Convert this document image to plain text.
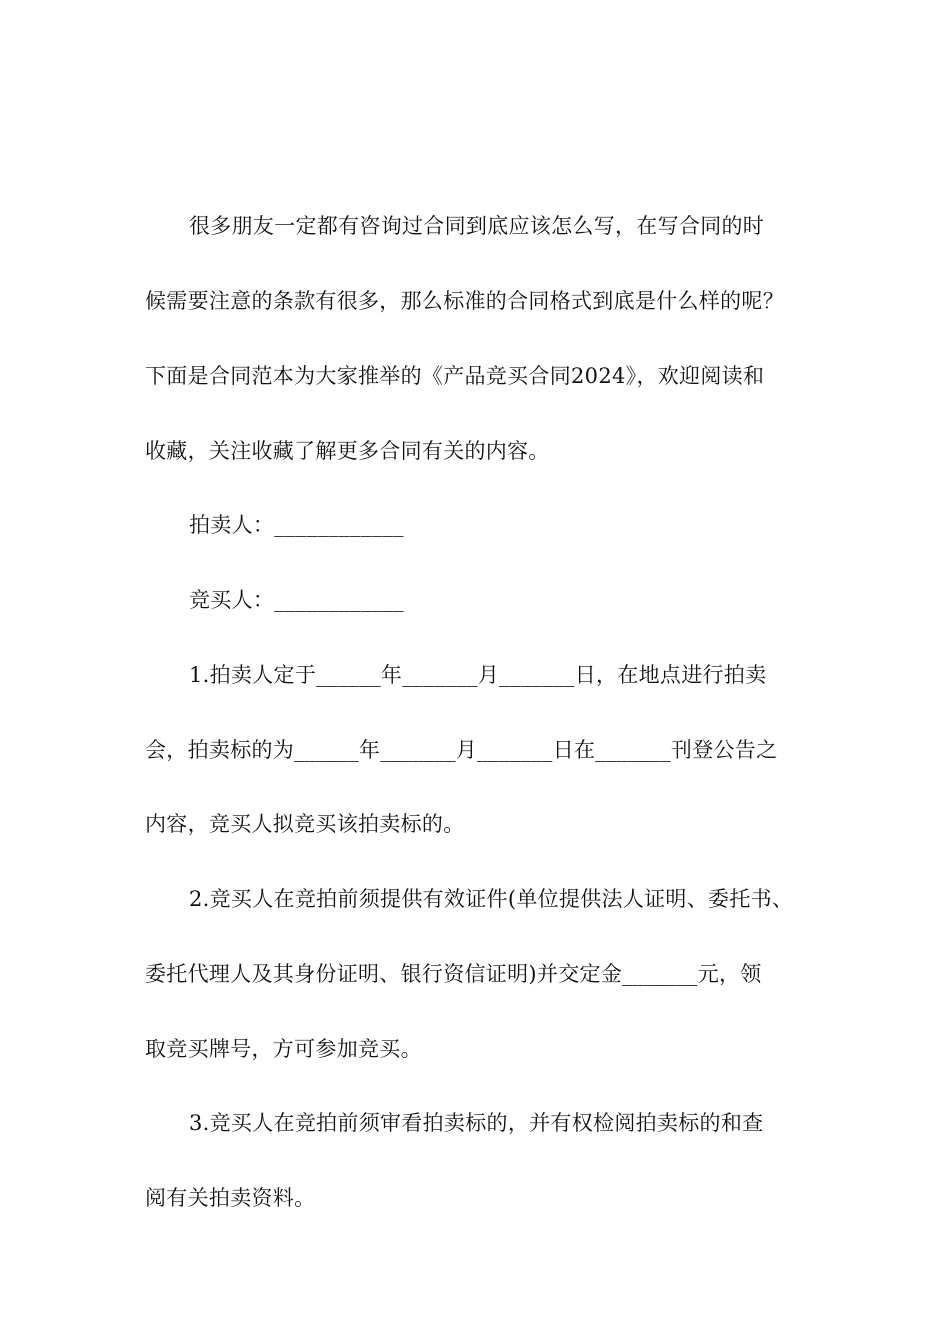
很多朋友一定都有咨询过合同到底应该怎么写，在写合同的时
候需要注意的条款有很多，那么标准的合同格式到底是什么样的呢？
下面是合同范本为大家推举的《产品竞买合同2024》，欢迎阅读和
收藏，关注收藏了解更多合同有关的内容。
拍卖人：____________
竞买人：____________
1.拍卖人定于______年_______月_______日，在地点进行拍卖
会，拍卖标的为______年_______月_______日在_______刊登公告之
内容，竞买人拟竞买该拍卖标的。
2.竞买人在竞拍前须提供有效证件(单位提供法人证明、委托书、
委托代理人及其身份证明、银行资信证明)并交定金_______元，领
取竞买牌号，方可参加竞买。
3.竞买人在竞拍前须审看拍卖标的，并有权检阅拍卖标的和查
阅有关拍卖资料。
